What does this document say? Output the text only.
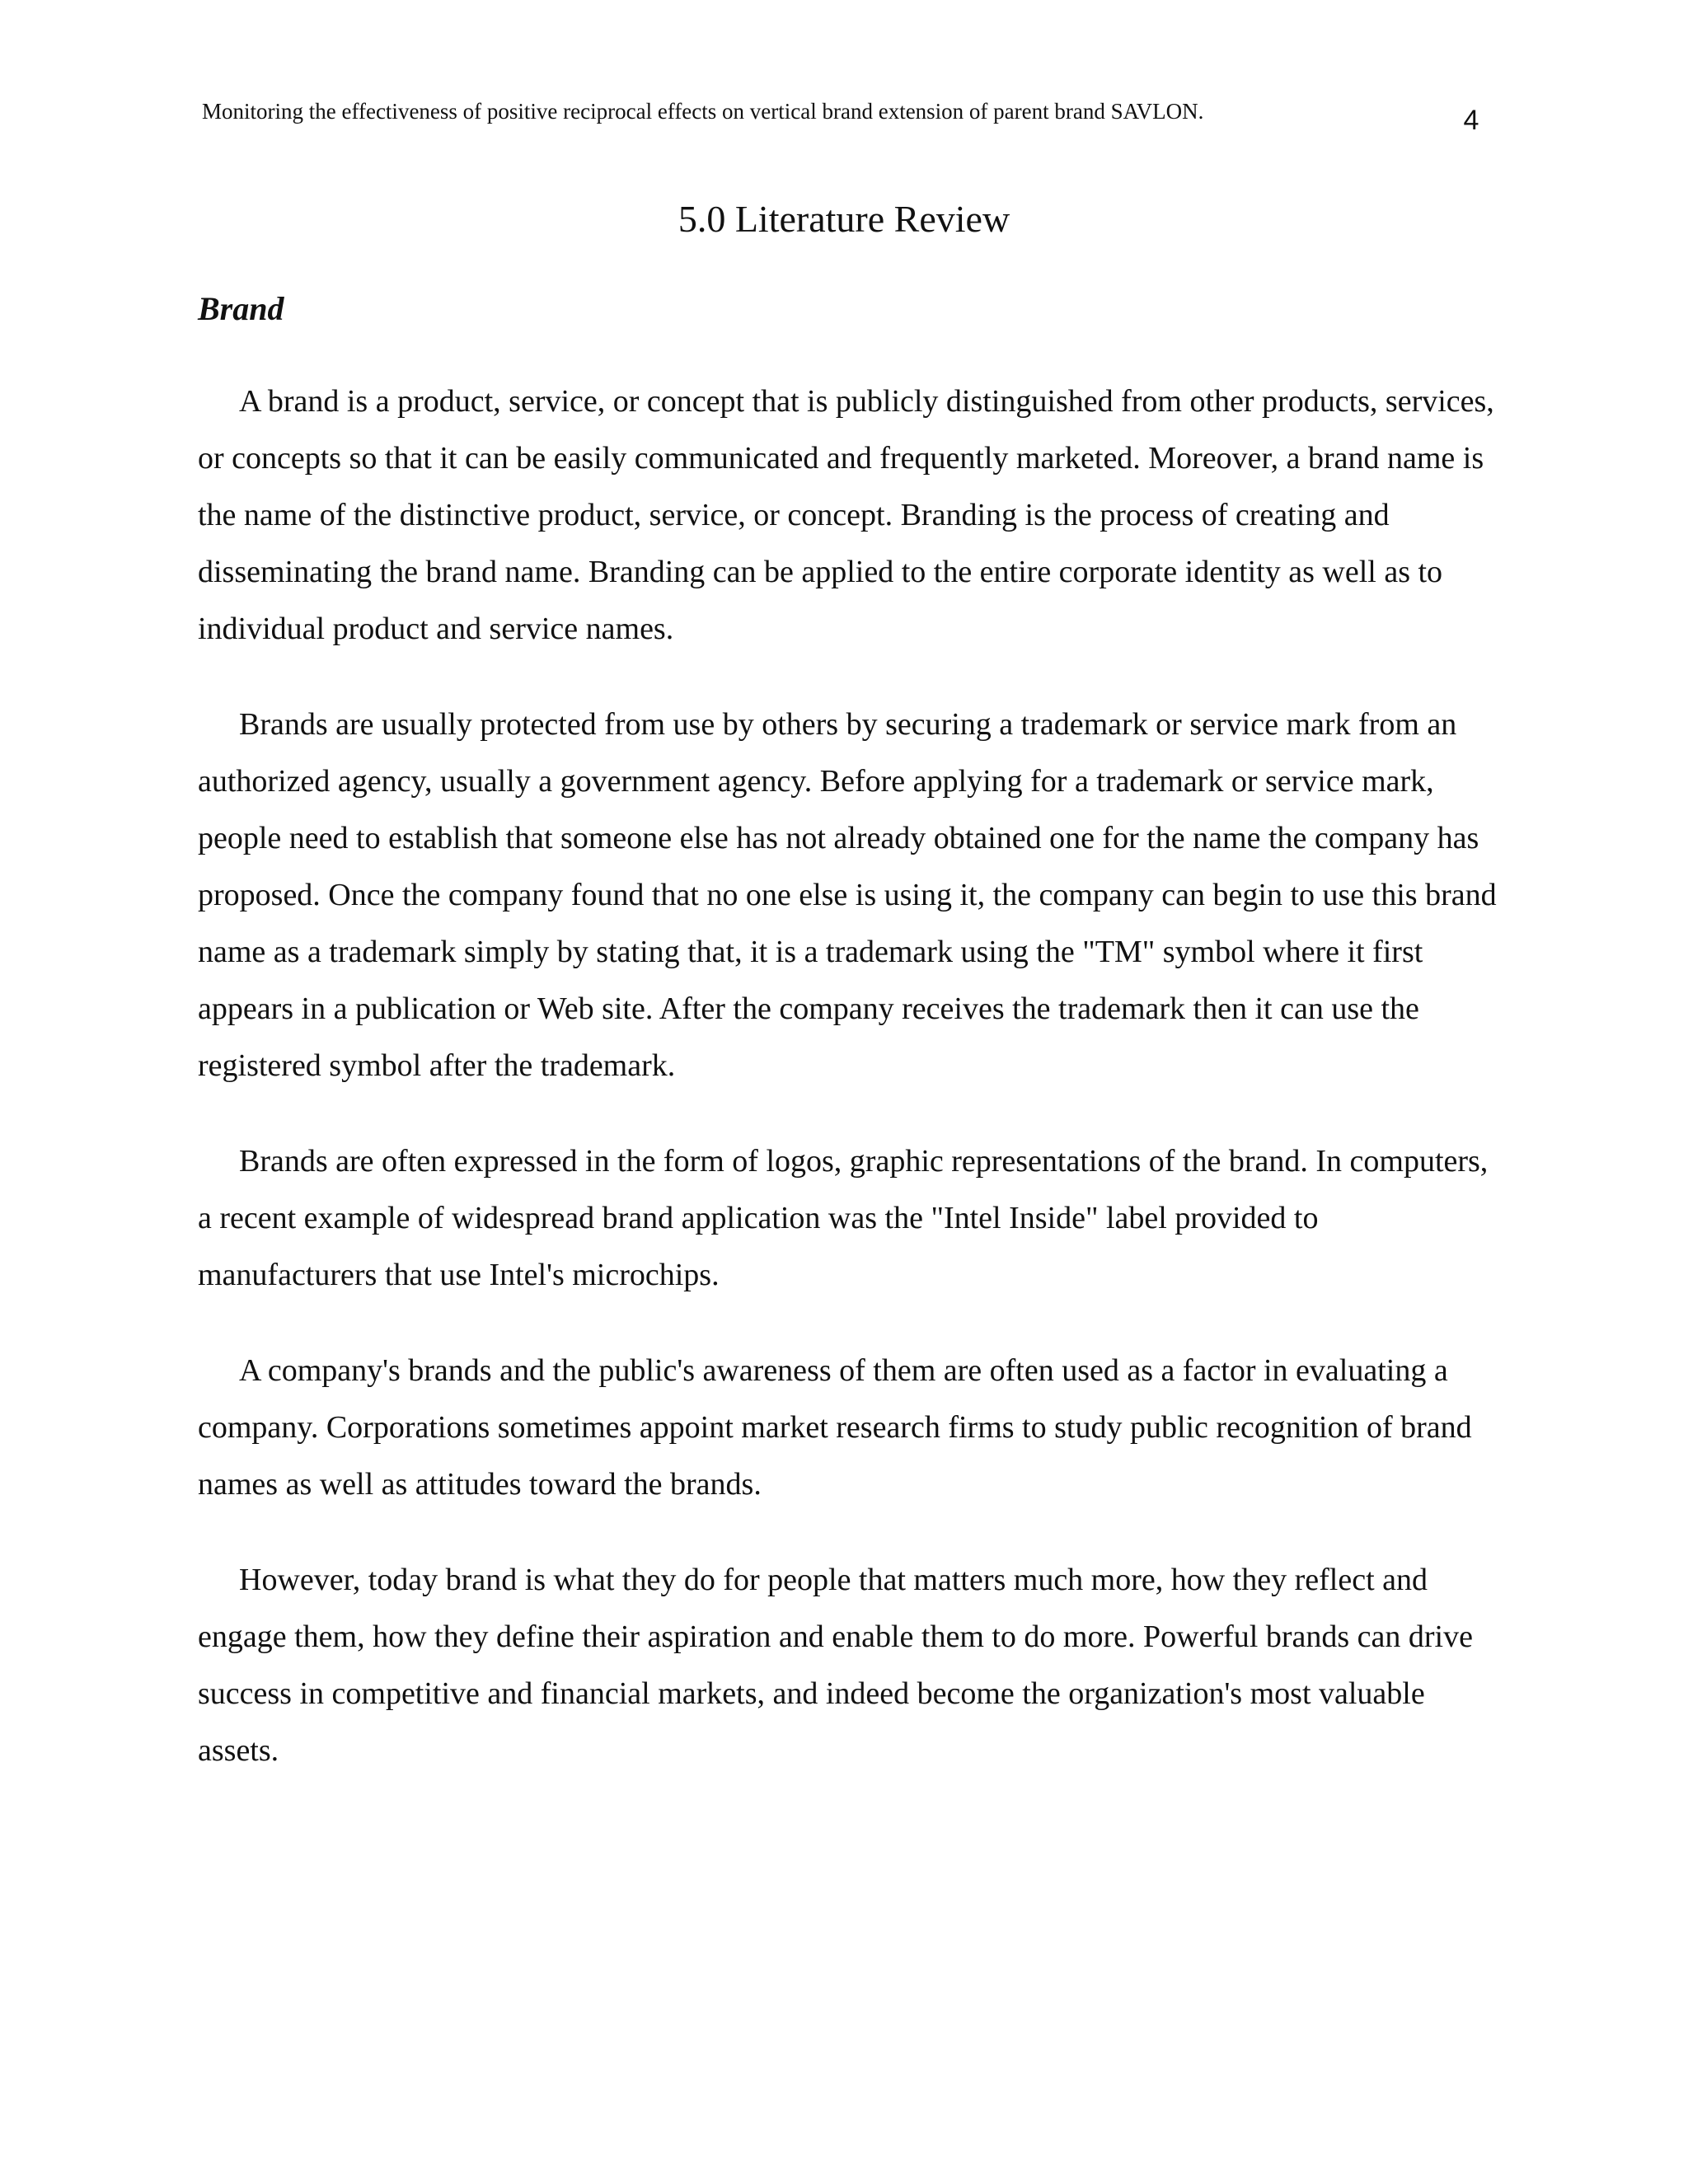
Monitoring the effectiveness of positive reciprocal effects on vertical brand extension of parent brand SAVLON.	4
5.0 Literature Review
Brand

A brand is a product, service, or concept that is publicly distinguished from other products, services, or concepts so that it can be easily communicated and frequently marketed. Moreover, a brand name is the name of the distinctive product, service, or concept. Branding is the process of creating and disseminating the brand name. Branding can be applied to the entire corporate identity as well as to individual product and service names.

Brands are usually protected from use by others by securing a trademark or service mark from an authorized agency, usually a government agency. Before applying for a trademark or service mark, people need to establish that someone else has not already obtained one for the name the company has proposed. Once the company found that no one else is using it, the company can begin to use this brand name as a trademark simply by stating that, it is a trademark using the "TM" symbol where it first appears in a publication or Web site. After the company receives the trademark then it can use the registered symbol after the trademark.

Brands are often expressed in the form of logos, graphic representations of the brand. In computers, a recent example of widespread brand application was the "Intel Inside" label provided to manufacturers that use Intel's microchips.

A company's brands and the public's awareness of them are often used as a factor in evaluating a company. Corporations sometimes appoint market research firms to study public recognition of brand names as well as attitudes toward the brands.

However, today brand is what they do for people that matters much more, how they reflect and engage them, how they define their aspiration and enable them to do more. Powerful brands can drive success in competitive and financial markets, and indeed become the organization's most valuable assets.
